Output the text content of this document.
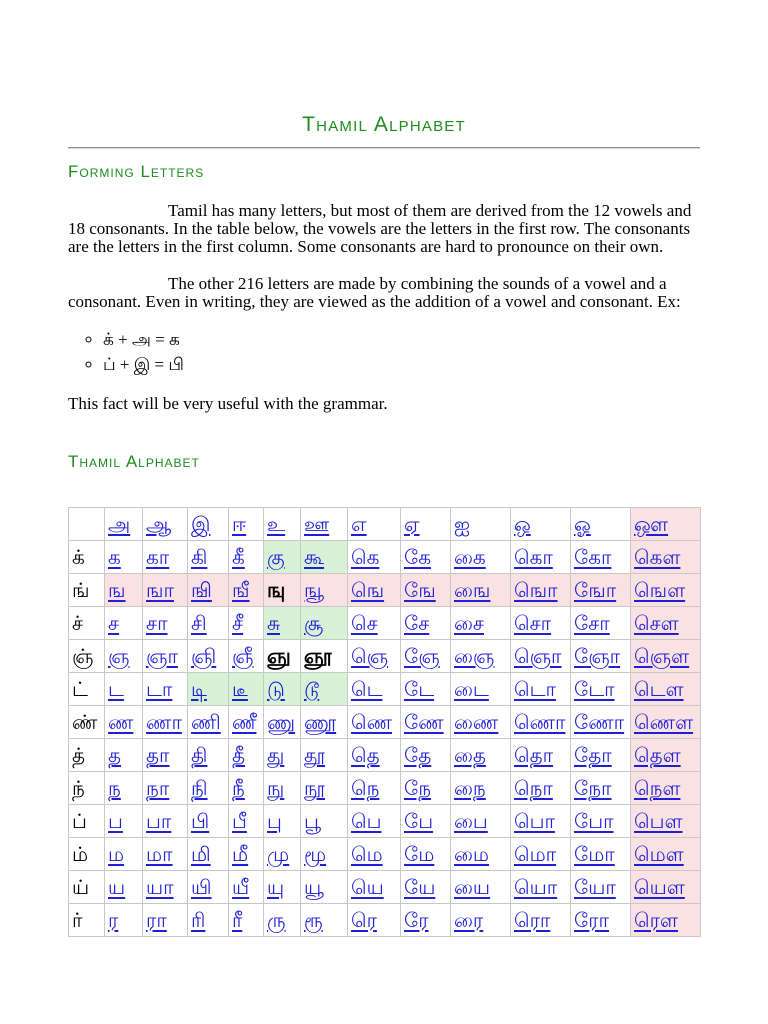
Thamil Alphabet
Forming Letters

Tamil has many letters, but most of them are derived from the 12 vowels and 18 consonants. In the table below, the vowels are the letters in the first row. The consonants are the letters in the first column. Some consonants are hard to pronounce on their own.

The other 216 letters are made by combining the sounds of a vowel and a consonant. Even in writing, they are viewed as the addition of a vowel and consonant. Ex:

◦ க் + அ = க
◦ ப் + இ = பி

This fact will be very useful with the grammar.

Thamil Alphabet
	அ	ஆ	இ	ஈ	உ	ஊ	எ	ஏ	ஐ	ஒ	ஓ	ஔ
க்	க	கா	கி	கீ	கு	கூ	கெ	கே	கை	கொ	கோ	கௌ
ங்	ங	ஙா	ஙி	ஙீ	ஙு	ஙூ	ஙெ	ஙே	ஙை	ஙொ	ஙோ	ஙௌ
ச்	ச	சா	சி	சீ	சு	சூ	செ	சே	சை	சொ	சோ	சௌ
ஞ்	ஞ	ஞா	ஞி	ஞீ	ஞு	ஞூ	ஞெ	ஞே	ஞை	ஞொ	ஞோ	ஞௌ
ட்	ட	டா	டி	டீ	டு	டூ	டெ	டே	டை	டொ	டோ	டௌ
ண்	ண	ணா	ணி	ணீ	ணு	ணூ	ணெ	ணே	ணை	ணொ	ணோ	ணௌ
த்	த	தா	தி	தீ	து	தூ	தெ	தே	தை	தொ	தோ	தௌ
ந்	ந	நா	நி	நீ	நு	நூ	நெ	நே	நை	நொ	நோ	நௌ
ப்	ப	பா	பி	பீ	பு	பூ	பெ	பே	பை	பொ	போ	பௌ
ம்	ம	மா	மி	மீ	மு	மூ	மெ	மே	மை	மொ	மோ	மௌ
ய்	ய	யா	யி	யீ	யு	யூ	யெ	யே	யை	யொ	யோ	யௌ
ர்	ர	ரா	ரி	ரீ	ரு	ரூ	ரெ	ரே	ரை	ரொ	ரோ	ரௌ
